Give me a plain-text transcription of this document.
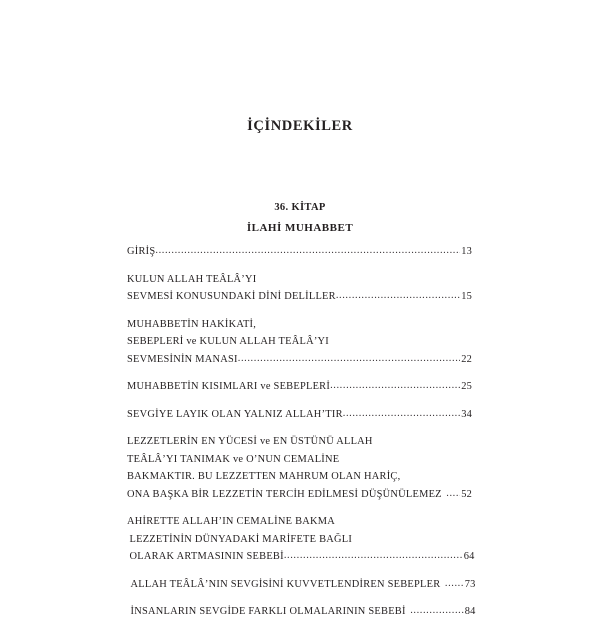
İÇİNDEKİLER
36. KİTAP
İLAHİ MUHABBET
GİRİŞ .....	13
KULUN ALLAH TEÂLÂ’YI
SEVMESİ KONUSUNDAKİ DİNİ DELİLLER .....	15
MUHABBETİN HAKİKATİ,
SEBEPLERİ ve KULUN ALLAH TEÂLÂ’YI
SEVMESİNİN MANASI .....	22
MUHABBETİN KISIMLARI ve SEBEPLERİ .....	25
SEVGİYE LAYIK OLAN YALNIZ ALLAH’TIR .....	34
LEZZETLERİN EN YÜCESİ ve EN ÜSTÜNÜ ALLAH
TEÂLÂ’YI TANIMAK ve O’NUN CEMALİNE
BAKMAKTIR. BU LEZZETTEN MAHRUM OLAN HARİÇ,
ONA BAŞKA BİR LEZZETİN TERCİH EDİLMESİ DÜŞÜNÜLEMEZ ..... 52
AHİRETTE ALLAH’IN CEMALİNE BAKMA
LEZZETİNİN DÜNYADAKİ MARİFETE BAĞLI
OLARAK ARTMASININ SEBEBİ .....	64
ALLAH TEÂLÂ’NIN SEVGİSİNİ KUVVETLENDİREN SEBEPLER ..... 73
İNSANLARIN SEVGİDE FARKLI OLMALARININ SEBEBİ .....	84
